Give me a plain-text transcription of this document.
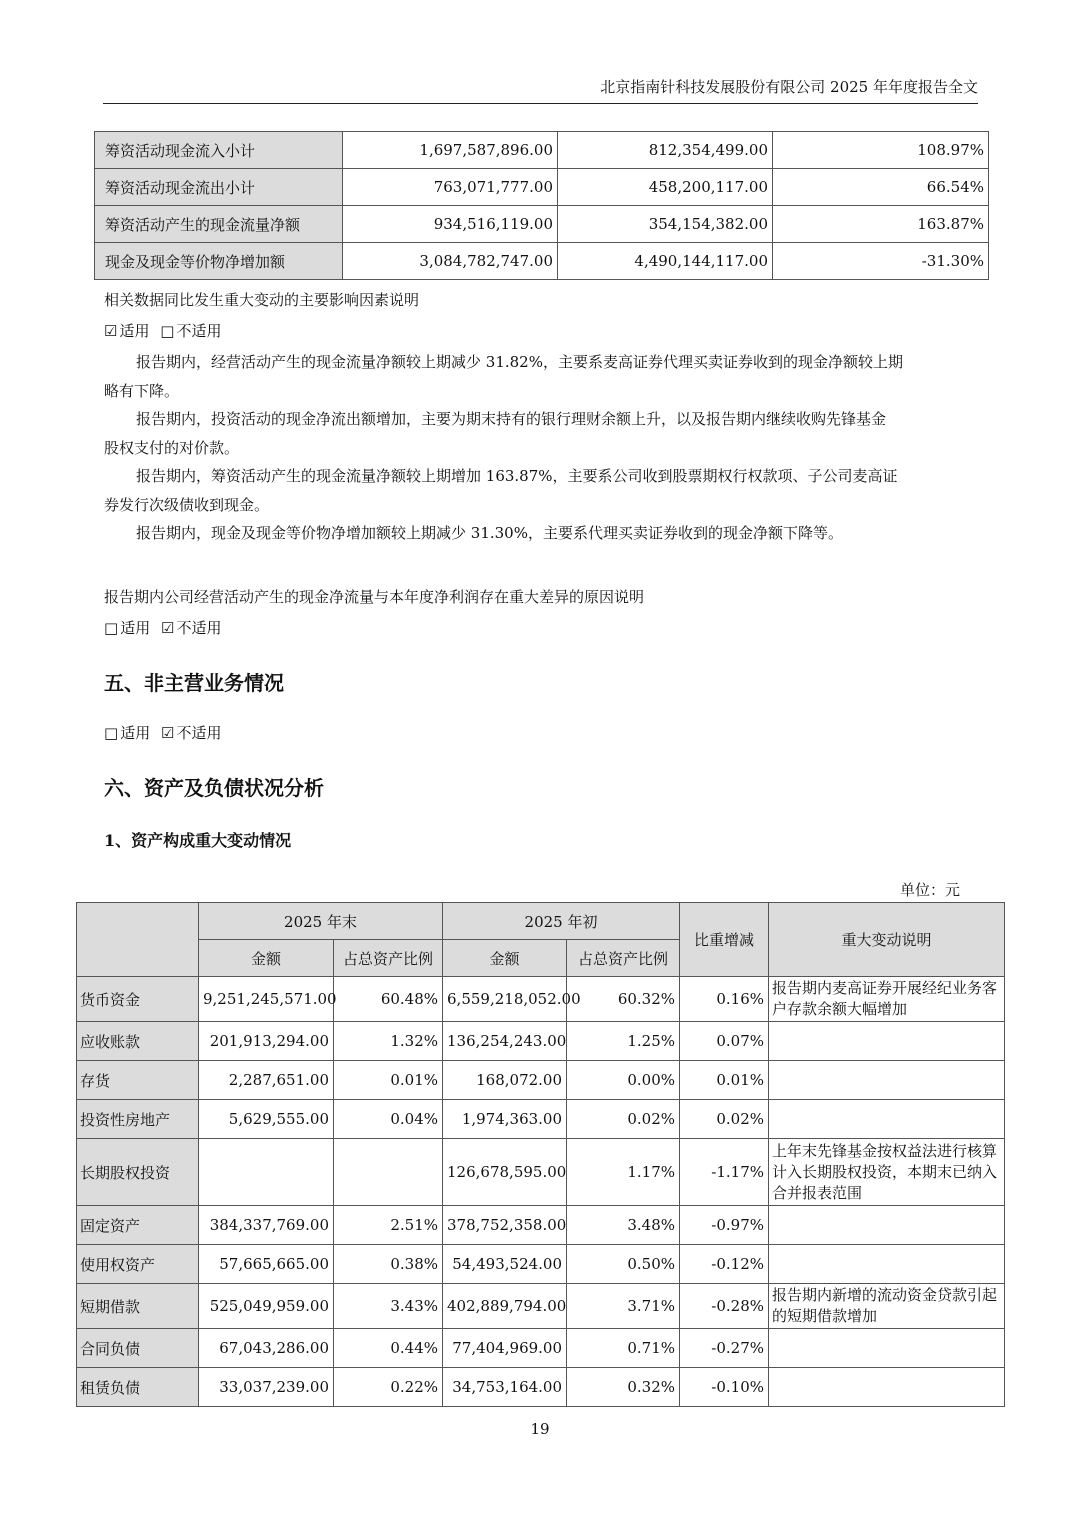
北京指南针科技发展股份有限公司 2025 年年度报告全文
筹资活动现金流入小计	1,697,587,896.00	812,354,499.00	108.97%
筹资活动现金流出小计	763,071,777.00	458,200,117.00	66.54%
筹资活动产生的现金流量净额	934,516,119.00	354,154,382.00	163.87%
现金及现金等价物净增加额	3,084,782,747.00	4,490,144,117.00	-31.30%
相关数据同比发生重大变动的主要影响因素说明
☑ 适用 □ 不适用
报告期内，经营活动产生的现金流量净额较上期减少 31.82%，主要系麦高证券代理买卖证券收到的现金净额较上期
略有下降。
报告期内，投资活动的现金净流出额增加，主要为期末持有的银行理财余额上升，以及报告期内继续收购先锋基金
股权支付的对价款。
报告期内，筹资活动产生的现金流量净额较上期增加 163.87%，主要系公司收到股票期权行权款项、子公司麦高证
券发行次级债收到现金。
报告期内，现金及现金等价物净增加额较上期减少 31.30%，主要系代理买卖证券收到的现金净额下降等。
报告期内公司经营活动产生的现金净流量与本年度净利润存在重大差异的原因说明
□ 适用 ☑ 不适用
五、非主营业务情况
□ 适用 ☑ 不适用
六、资产及负债状况分析
1、资产构成重大变动情况
单位：元
	2025 年末		2025 年初		比重增减	重大变动说明
	金额	占总资产比例	金额	占总资产比例		
货币资金	9,251,245,571.00	60.48%	6,559,218,052.00	60.32%	0.16%	报告期内麦高证券开展经纪业务客户存款余额大幅增加
应收账款	201,913,294.00	1.32%	136,254,243.00	1.25%	0.07%	
存货	2,287,651.00	0.01%	168,072.00	0.00%	0.01%	
投资性房地产	5,629,555.00	0.04%	1,974,363.00	0.02%	0.02%	
长期股权投资			126,678,595.00	1.17%	-1.17%	上年末先锋基金按权益法进行核算计入长期股权投资，本期末已纳入合并报表范围
固定资产	384,337,769.00	2.51%	378,752,358.00	3.48%	-0.97%	
使用权资产	57,665,665.00	0.38%	54,493,524.00	0.50%	-0.12%	
短期借款	525,049,959.00	3.43%	402,889,794.00	3.71%	-0.28%	报告期内新增的流动资金贷款引起的短期借款增加
合同负债	67,043,286.00	0.44%	77,404,969.00	0.71%	-0.27%	
租赁负债	33,037,239.00	0.22%	34,753,164.00	0.32%	-0.10%	
19
